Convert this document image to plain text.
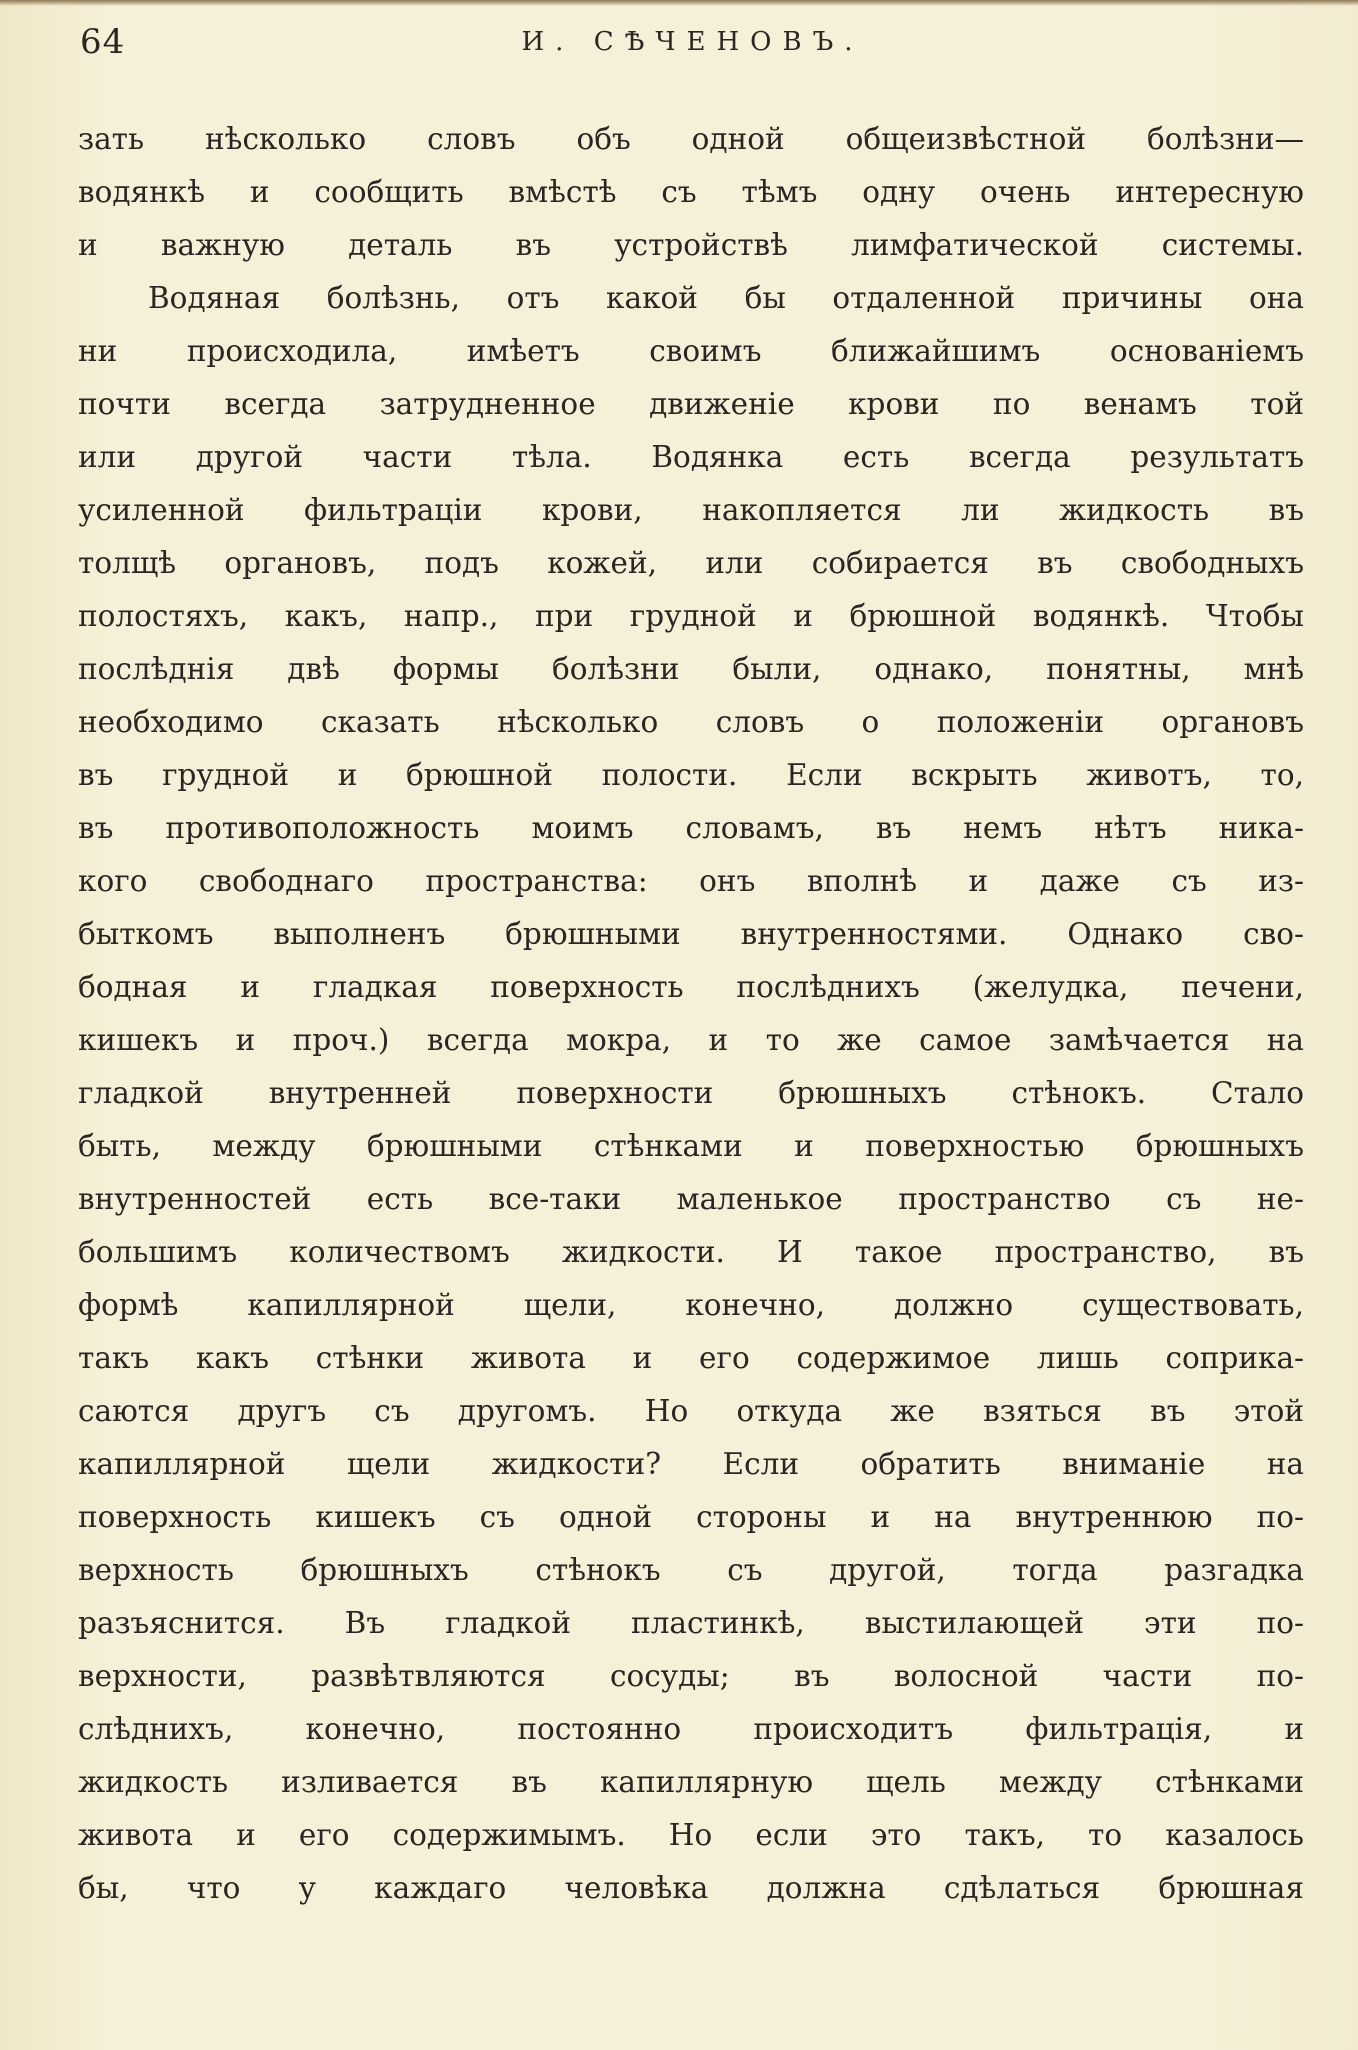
64	И. СѢЧЕНОВЪ.
зать нѣсколько словъ объ одной общеизвѣстной болѣзни—
водянкѣ и сообщить вмѣстѣ съ тѣмъ одну очень интересную
и важную деталь въ устройствѣ лимфатической системы.
Водяная болѣзнь, отъ какой бы отдаленной причины она
ни происходила, имѣетъ своимъ ближайшимъ основаніемъ
почти всегда затрудненное движеніе крови по венамъ той
или другой части тѣла. Водянка есть всегда результатъ
усиленной фильтраціи крови, накопляется ли жидкость въ
толщѣ органовъ, подъ кожей, или собирается въ свободныхъ
полостяхъ, какъ, напр., при грудной и брюшной водянкѣ. Чтобы
послѣднія двѣ формы болѣзни были, однако, понятны, мнѣ
необходимо сказать нѣсколько словъ о положеніи органовъ
въ грудной и брюшной полости. Если вскрыть животъ, то,
въ противоположность моимъ словамъ, въ немъ нѣтъ ника-
кого свободнаго пространства: онъ вполнѣ и даже съ из-
быткомъ выполненъ брюшными внутренностями. Однако сво-
бодная и гладкая поверхность послѣднихъ (желудка, печени,
кишекъ и проч.) всегда мокра, и то же самое замѣчается на
гладкой внутренней поверхности брюшныхъ стѣнокъ. Стало
быть, между брюшными стѣнками и поверхностью брюшныхъ
внутренностей есть все-таки маленькое пространство съ не-
большимъ количествомъ жидкости. И такое пространство, въ
формѣ капиллярной щели, конечно, должно существовать,
такъ какъ стѣнки живота и его содержимое лишь соприка-
саются другъ съ другомъ. Но откуда же взяться въ этой
капиллярной щели жидкости? Если обратить вниманіе на
поверхность кишекъ съ одной стороны и на внутреннюю по-
верхность брюшныхъ стѣнокъ съ другой, тогда разгадка
разъяснится. Въ гладкой пластинкѣ, выстилающей эти по-
верхности, развѣтвляются сосуды; въ волосной части по-
слѣднихъ, конечно, постоянно происходитъ фильтрація, и
жидкость изливается въ капиллярную щель между стѣнками
живота и его содержимымъ. Но если это такъ, то казалось
бы, что у каждаго человѣка должна сдѣлаться брюшная
